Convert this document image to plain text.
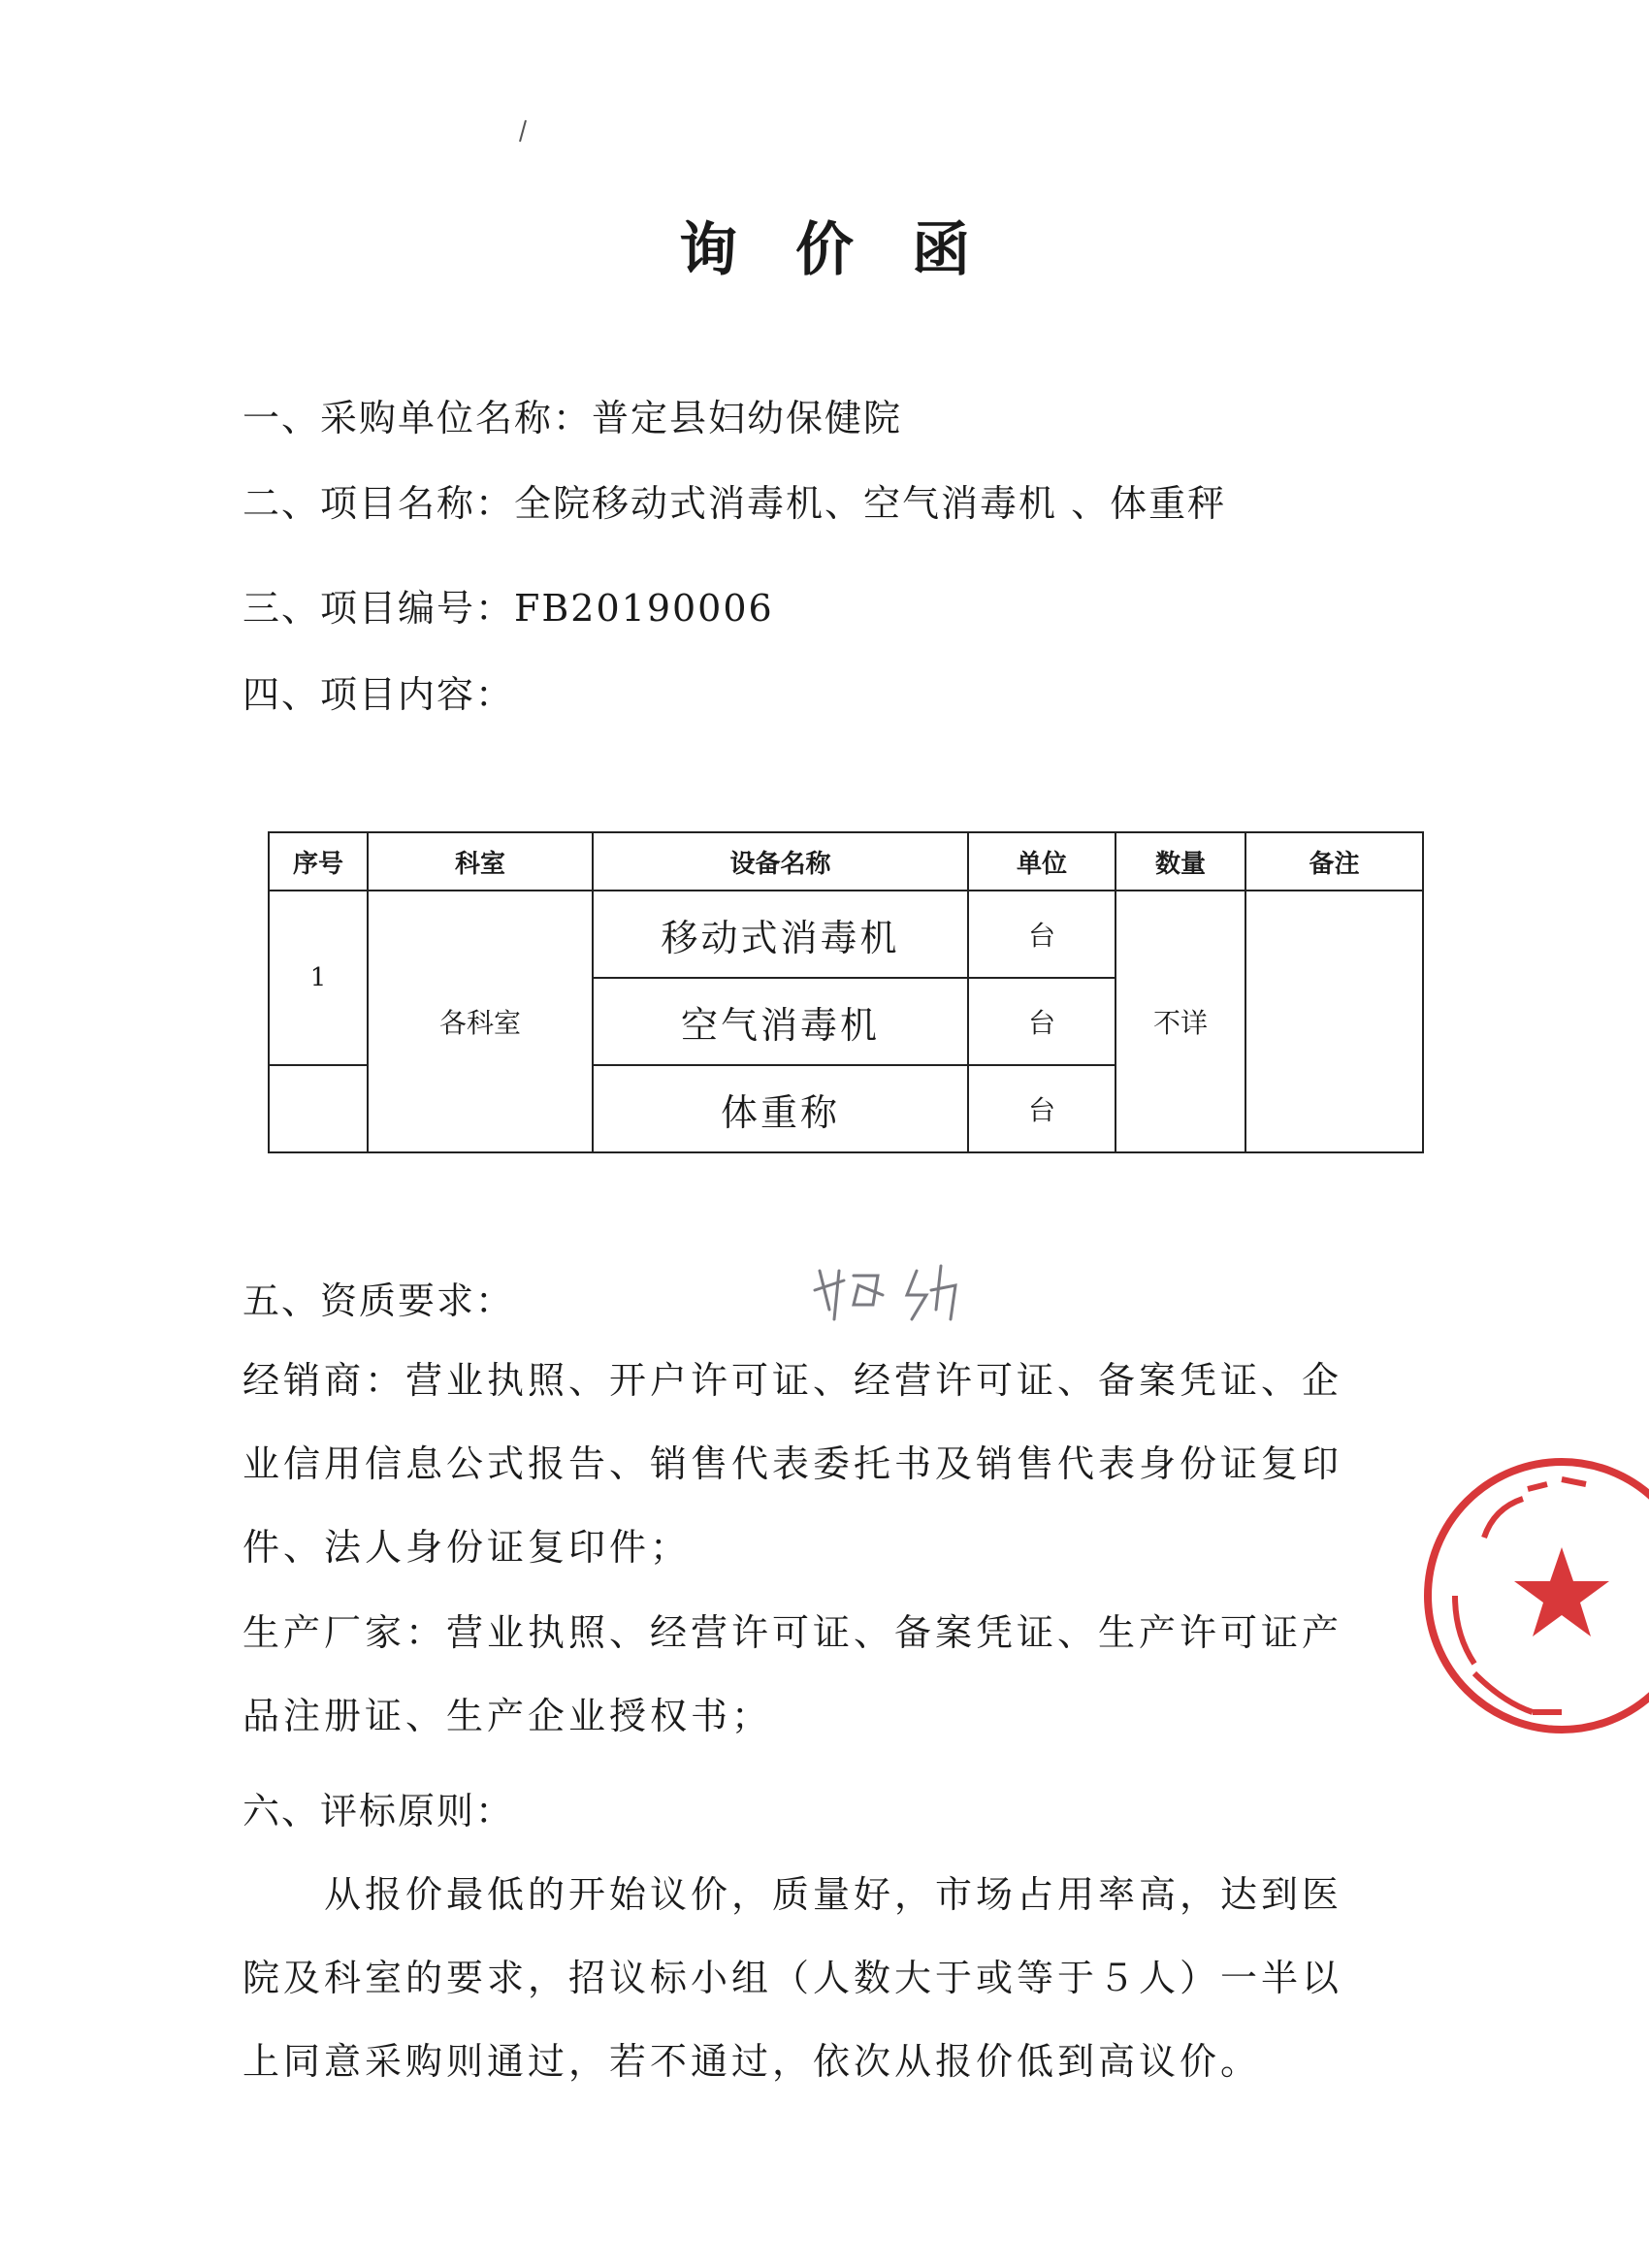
询价函
一、采购单位名称：普定县妇幼保健院
二、项目名称：全院移动式消毒机、空气消毒机 、体重秤
三、项目编号：FB20190006
四、项目内容：
序号	科室	设备名称	单位	数量	备注
1	各科室	移动式消毒机	台	不详	
		空气消毒机	台		
		体重称	台		
五、资质要求：
经销商：营业执照、开户许可证、经营许可证、备案凭证、企业信用信息公式报告、销售代表委托书及销售代表身份证复印件、法人身份证复印件；
生产厂家：营业执照、经营许可证、备案凭证、生产许可证产品注册证、生产企业授权书；
六、评标原则：
从报价最低的开始议价，质量好，市场占用率高，达到医院及科室的要求，招议标小组（人数大于或等于５人）一半以上同意采购则通过，若不通过，依次从报价低到高议价。
